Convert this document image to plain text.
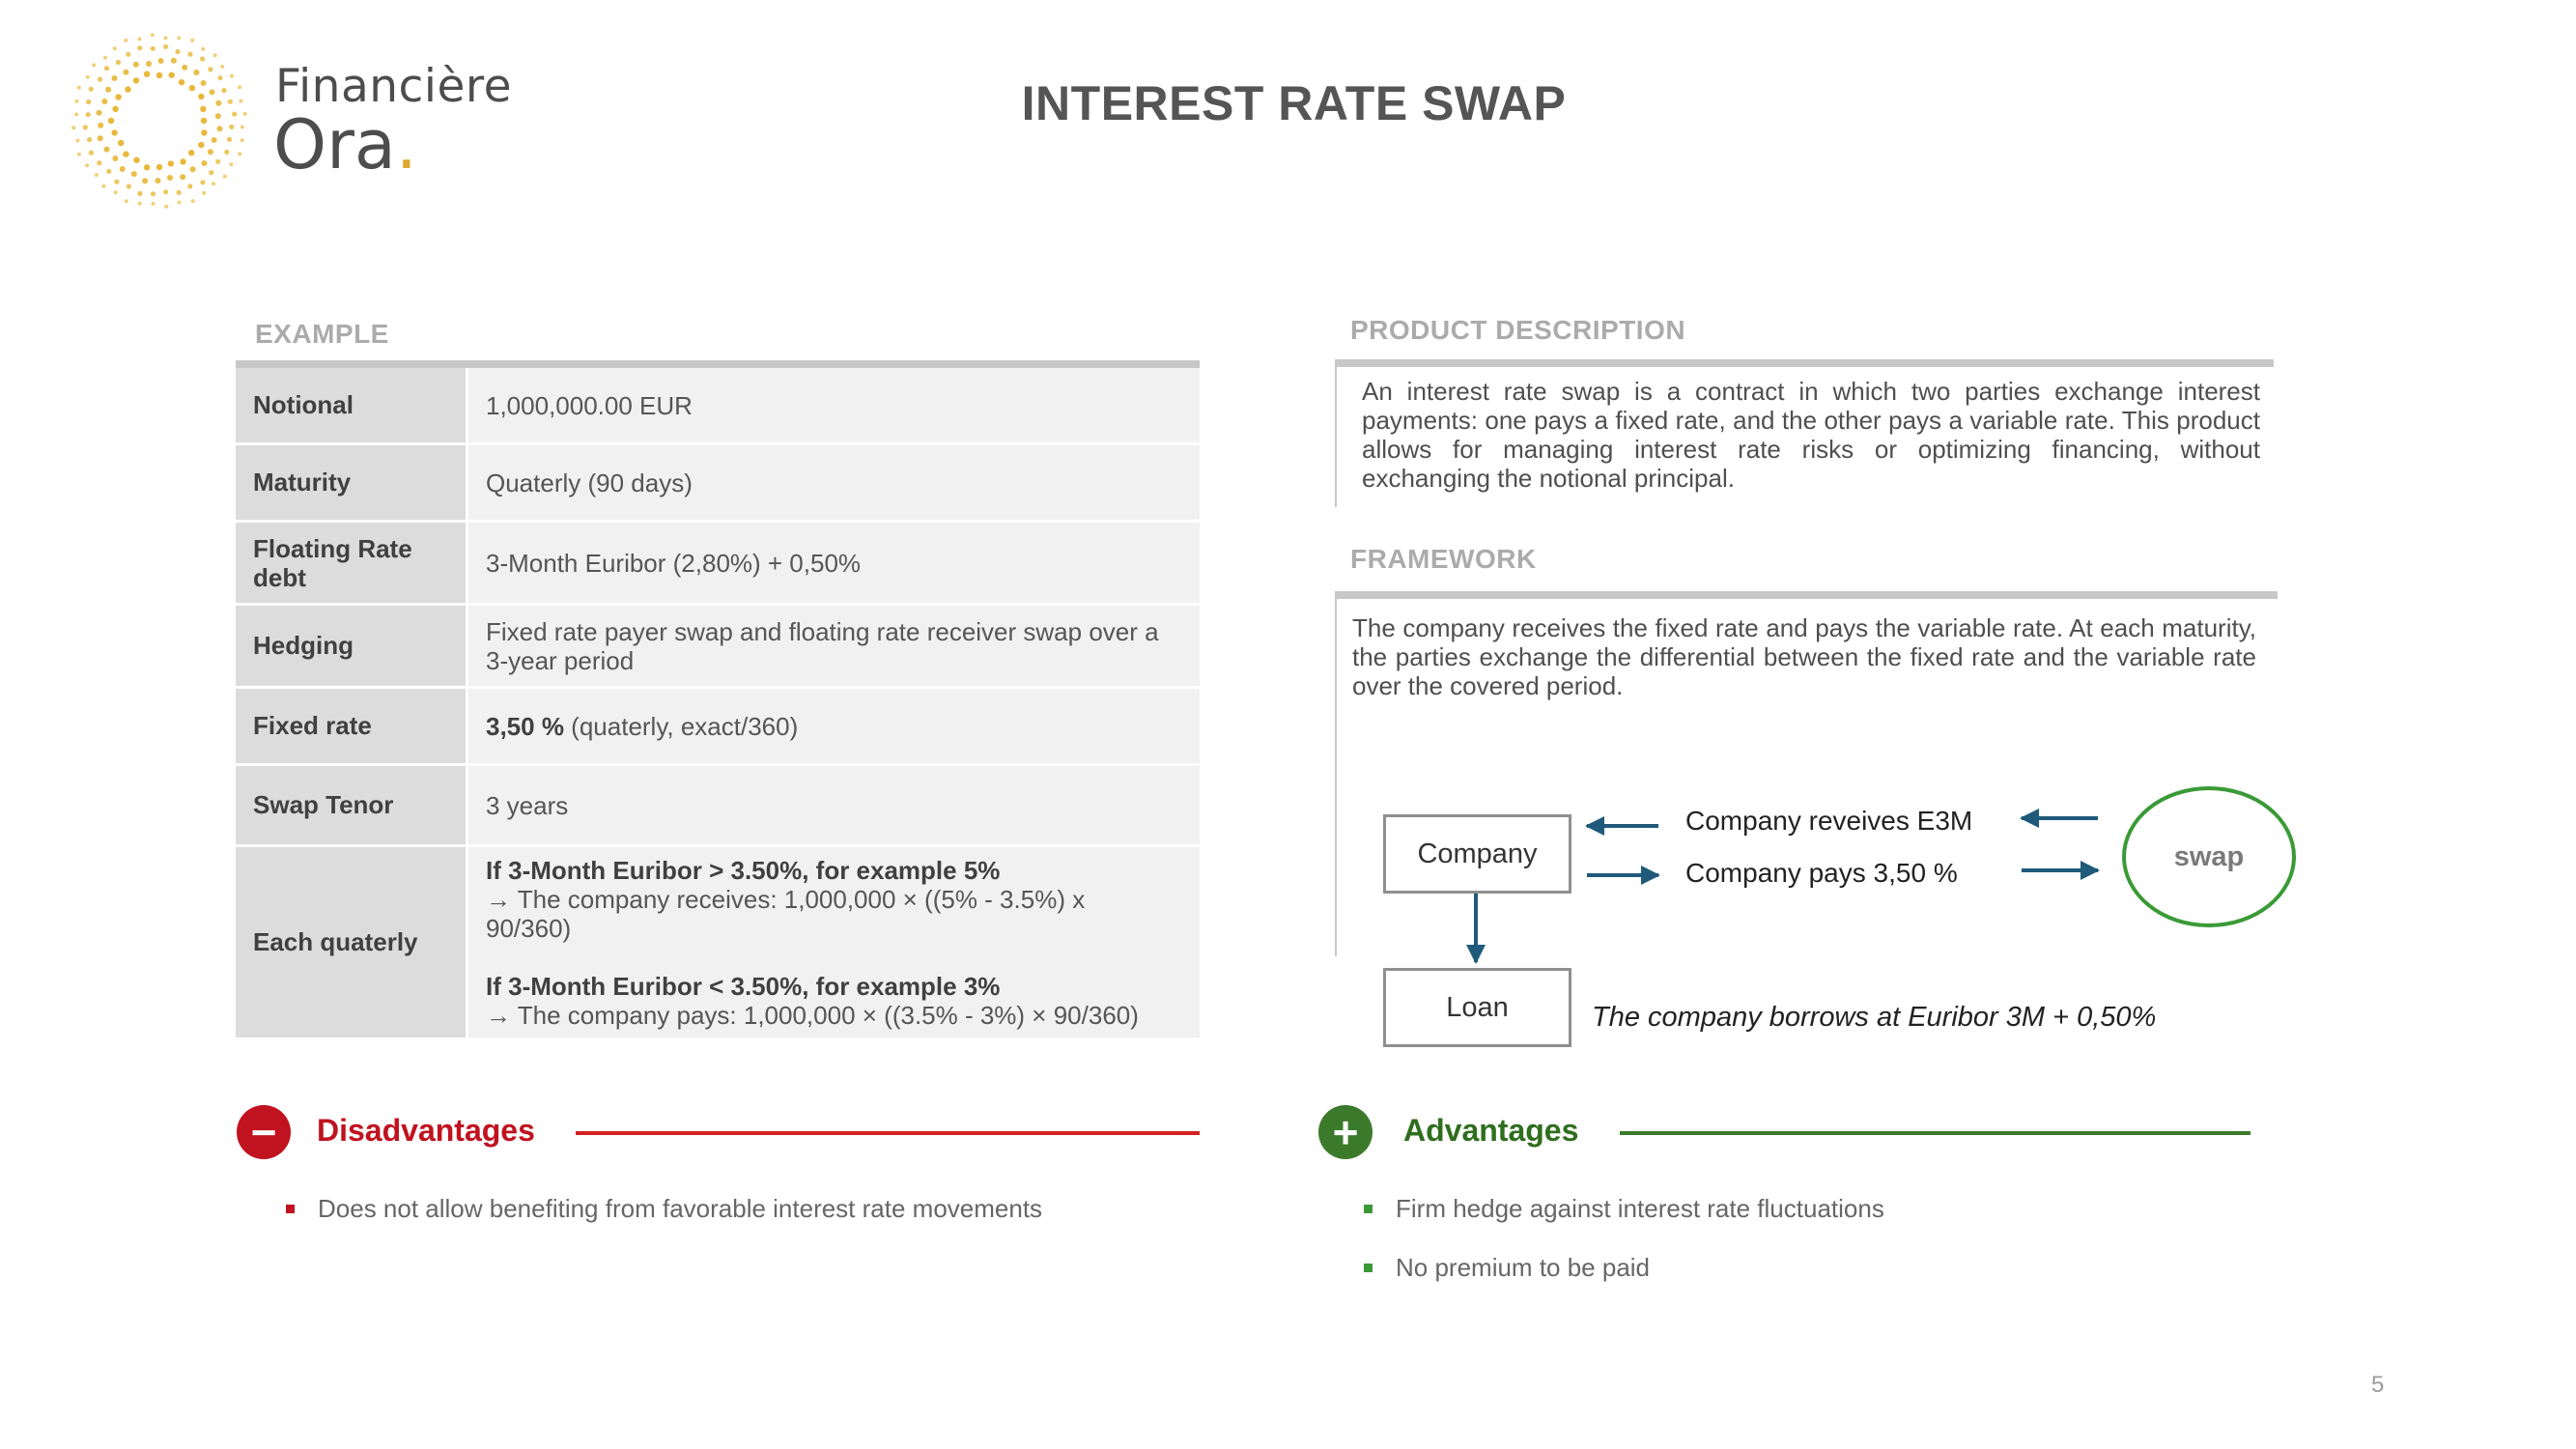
Financière
Ora.
INTEREST RATE SWAP
EXAMPLE
Notional	1,000,000.00 EUR
Maturity	Quaterly (90 days)
Floating Rate debt	3-Month Euribor (2,80%) + 0,50%
Hedging	Fixed rate payer swap and floating rate receiver swap over a 3-year period
Fixed rate	3,50 % (quaterly, exact/360)
Swap Tenor	3 years
Each quaterly	If 3-Month Euribor > 3.50%, for example 5%
→ The company receives: 1,000,000 × ((5% - 3.5%) x 90/360)
If 3-Month Euribor < 3.50%, for example 3%
→ The company pays: 1,000,000 × ((3.5% - 3%) × 90/360)
PRODUCT DESCRIPTION
An interest rate swap is a contract in which two parties exchange interest payments: one pays a fixed rate, and the other pays a variable rate. This product allows for managing interest rate risks or optimizing financing, without exchanging the notional principal.
FRAMEWORK
The company receives the fixed rate and pays the variable rate. At each maturity, the parties exchange the differential between the fixed rate and the variable rate over the covered period.
Company
Loan
swap
Company reveives E3M
Company pays 3,50 %
The company borrows at Euribor 3M + 0,50%
−	Disadvantages
Does not allow benefiting from favorable interest rate movements
+	Advantages
Firm hedge against interest rate fluctuations
No premium to be paid
5
